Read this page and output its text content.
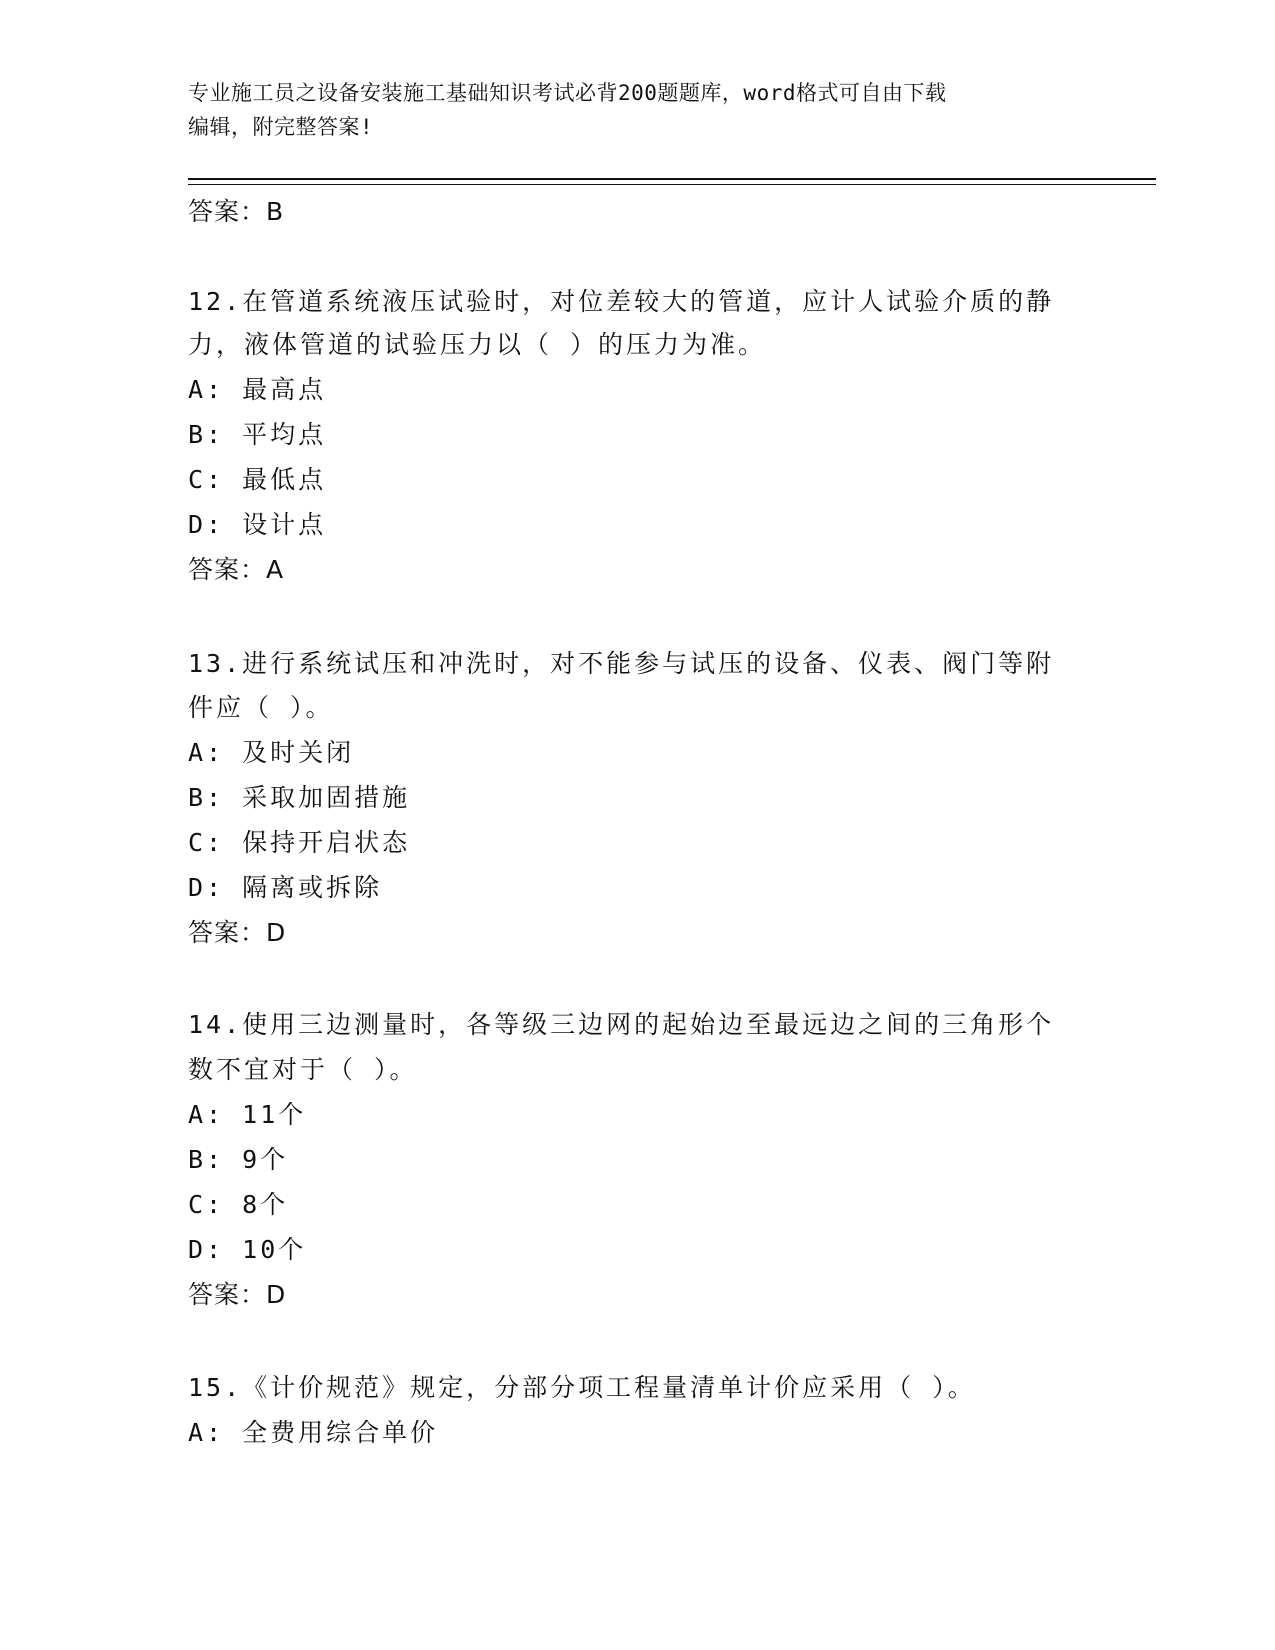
专业施工员之设备安装施工基础知识考试必背200题题库，word格式可自由下载
编辑，附完整答案!
答案：B
12.在管道系统液压试验时，对位差较大的管道，应计人试验介质的静
力，液体管道的试验压力以（ ）的压力为准。
A: 最高点
B: 平均点
C: 最低点
D: 设计点
答案：A
13.进行系统试压和冲洗时，对不能参与试压的设备、仪表、阀门等附
件应（ ）。
A: 及时关闭
B: 采取加固措施
C: 保持开启状态
D: 隔离或拆除
答案：D
14.使用三边测量时，各等级三边网的起始边至最远边之间的三角形个
数不宜对于（ ）。
A: 11个
B: 9个
C: 8个
D: 10个
答案：D
15.《计价规范》规定，分部分项工程量清单计价应采用（ ）。
A: 全费用综合单价
